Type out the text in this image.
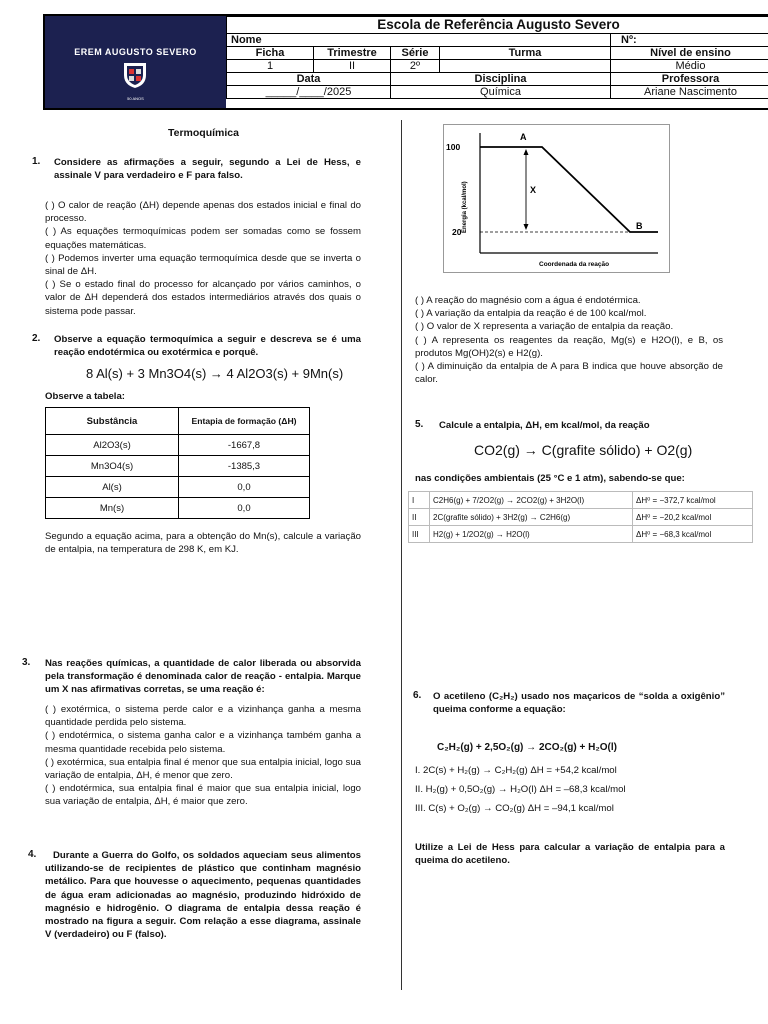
EREM AUGUSTO SEVERO
50 ANOS
Escola de Referência Augusto Severo				
Nome				Nº:
Ficha	Trimestre	Série	Turma	Nível de ensino
1	II	2º		Médio
Data		Disciplina		Professora
_____/____/2025		Química		Ariane Nascimento
Termoquímica
1. Considere as afirmações a seguir, segundo a Lei de Hess, e assinale V para verdadeiro e F para falso.
( ) O calor de reação (ΔH) depende apenas dos estados inicial e final do processo.
( ) As equações termoquímicas podem ser somadas como se fossem equações matemáticas.
( ) Podemos inverter uma equação termoquímica desde que se inverta o sinal de ΔH.
( ) Se o estado final do processo for alcançado por vários caminhos, o valor de ΔH dependerá dos estados intermediários através dos quais o sistema pode passar.
2. Observe a equação termoquímica a seguir e descreva se é uma reação endotérmica ou exotérmica e porquê.
8 Al(s) + 3 Mn3O4(s) → 4 Al2O3(s) + 9Mn(s)
Observe a tabela:
Substância	Entapia de formação (ΔH)
Al2O3(s)	-1667,8
Mn3O4(s)	-1385,3
Al(s)	0,0
Mn(s)	0,0
Segundo a equação acima, para a obtenção do Mn(s), calcule a variação de entalpia, na temperatura de 298 K, em KJ.
3. Nas reações químicas, a quantidade de calor liberada ou absorvida pela transformação é denominada calor de reação - entalpia. Marque um X nas afirmativas corretas, se uma reação é:
( ) exotérmica, o sistema perde calor e a vizinhança ganha a mesma quantidade perdida pelo sistema.
( ) endotérmica, o sistema ganha calor e a vizinhança também ganha a mesma quantidade recebida pelo sistema.
( ) exotérmica, sua entalpia final é menor que sua entalpia inicial, logo sua variação de entalpia, ΔH, é menor que zero.
( ) endotérmica, sua entalpia final é maior que sua entalpia inicial, logo sua variação de entalpia, ΔH, é maior que zero.
4.	Durante a Guerra do Golfo, os soldados aqueciam seus alimentos utilizando-se de recipientes de plástico que continham magnésio metálico. Para que houvesse o aquecimento, pequenas quantidades de água eram adicionadas ao magnésio, produzindo hidróxido de magnésio e hidrogênio. O diagrama de entalpia dessa reação é mostrado na figura a seguir. Com relação a esse diagrama, assinale V (verdadeiro) ou F (falso).
100
20
A
B
X
Coordenada da reação
Energia (kcal/mol)
( ) A reação do magnésio com a água é endotérmica.
( ) A variação da entalpia da reação é de 100 kcal/mol.
( ) O valor de X representa a variação de entalpia da reação.
( ) A representa os reagentes da reação, Mg(s) e H2O(l), e B, os produtos Mg(OH)2(s) e H2(g).
( ) A diminuição da entalpia de A para B indica que houve absorção de calor.
5. Calcule a entalpia, ΔH, em kcal/mol, da reação
CO2(g) → C(grafite sólido) + O2(g)
nas condições ambientais (25 °C e 1 atm), sabendo-se que:
I	C2H6(g) + 7/2O2(g) → 2CO2(g) + 3H2O(l)	ΔH⁰ = −372,7 kcal/mol
II	2C(grafite sólido) + 3H2(g) → C2H6(g)	ΔH⁰ = −20,2 kcal/mol
III	H2(g) + 1/2O2(g) → H2O(l)	ΔH⁰ = −68,3 kcal/mol
6. O acetileno (C₂H₂) usado nos maçaricos de “solda a oxigênio” queima conforme a equação:
C₂H₂(g) + 2,5O₂(g) → 2CO₂(g) + H₂O(l)
I. 2C(s) + H₂(g) → C₂H₂(g) ΔH = +54,2 kcal/mol
II. H₂(g) + 0,5O₂(g) → H₂O(l) ΔH = –68,3 kcal/mol
III. C(s) + O₂(g) → CO₂(g) ΔH = –94,1 kcal/mol
Utilize a Lei de Hess para calcular a variação de entalpia para a queima do acetileno.
